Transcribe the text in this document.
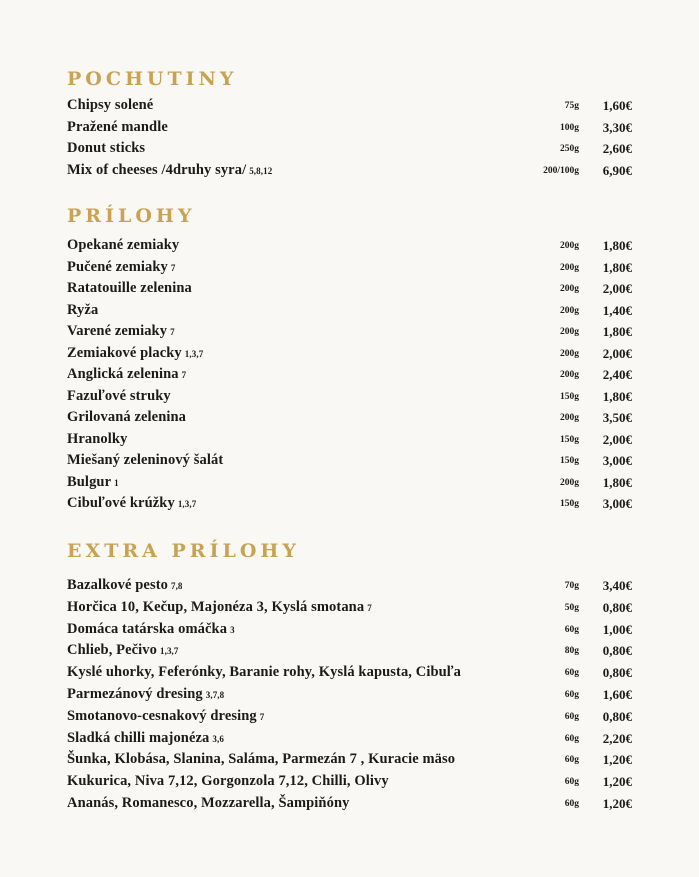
POCHUTINY
Chipsy solené	75g 1,60€
Pražené mandle	100g 3,30€
Donut sticks	250g 2,60€
Mix of cheeses /4druhy syra/ 5,8,12	200/100g 6,90€
PRÍLOHY
Opekané zemiaky	200g 1,80€
Pučené zemiaky 7	200g 1,80€
Ratatouille zelenina	200g 2,00€
Ryža	200g 1,40€
Varené zemiaky 7	200g 1,80€
Zemiakové placky 1,3,7	200g 2,00€
Anglická zelenina 7	200g 2,40€
Fazuľové struky	150g 1,80€
Grilovaná zelenina	200g 3,50€
Hranolky	150g 2,00€
Miešaný zeleninový šalát	150g 3,00€
Bulgur 1	200g 1,80€
Cibuľové krúžky 1,3,7	150g 3,00€
EXTRA PRÍLOHY
Bazalkové pesto 7,8	70g 3,40€
Horčica 10, Kečup, Majonéza 3, Kyslá smotana 7	50g 0,80€
Domáca tatárska omáčka 3	60g 1,00€
Chlieb, Pečivo 1,3,7	80g 0,80€
Kyslé uhorky, Feferónky, Baranie rohy, Kyslá kapusta, Cibuľa	60g 0,80€
Parmezánový dresing 3,7,8	60g 1,60€
Smotanovo-cesnakový dresing 7	60g 0,80€
Sladká chilli majonéza 3,6	60g 2,20€
Šunka, Klobása, Slanina, Saláma, Parmezán 7 , Kuracie mäso	60g 1,20€
Kukurica, Niva 7,12, Gorgonzola 7,12, Chilli, Olivy	60g 1,20€
Ananás, Romanesco, Mozzarella, Šampiňóny	60g 1,20€
